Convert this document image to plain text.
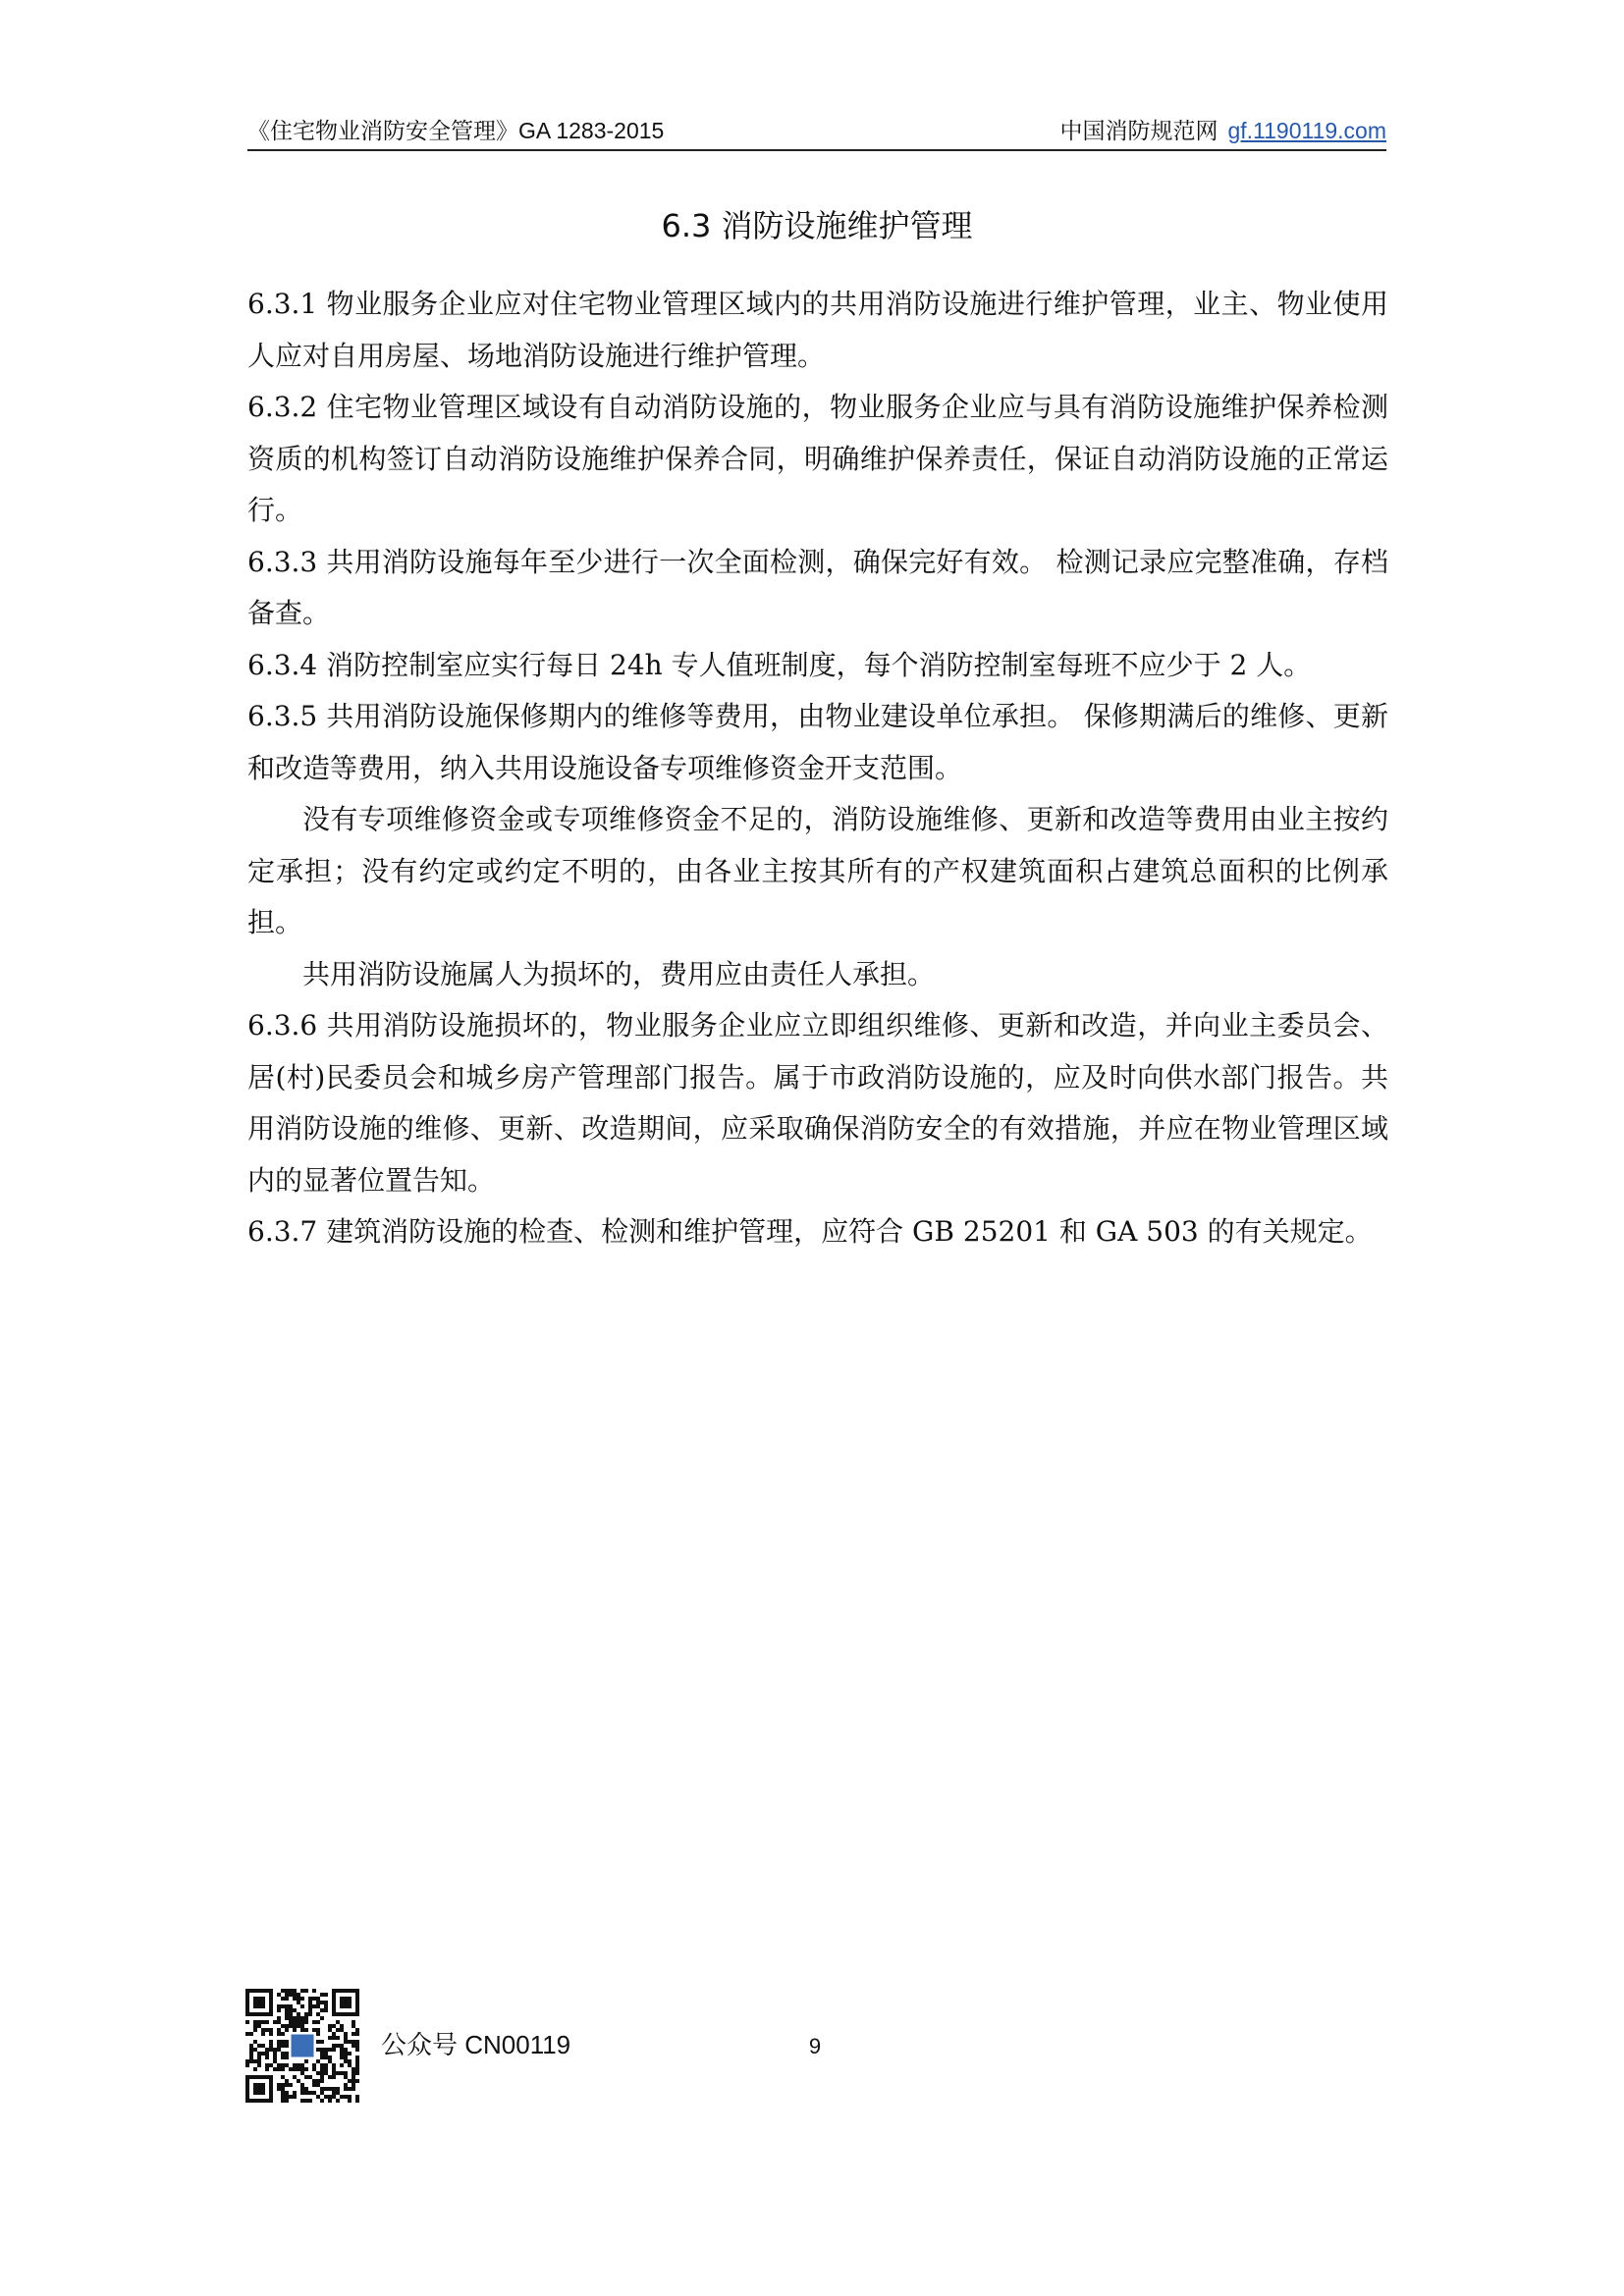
《住宅物业消防安全管理》GA 1283-2015	中国消防规范网 gf.1190119.com
6.3 消防设施维护管理

6.3.1 物业服务企业应对住宅物业管理区域内的共用消防设施进行维护管理，业主、物业使用人应对自用房屋、场地消防设施进行维护管理。

6.3.2 住宅物业管理区域设有自动消防设施的，物业服务企业应与具有消防设施维护保养检测资质的机构签订自动消防设施维护保养合同，明确维护保养责任，保证自动消防设施的正常运行。

6.3.3 共用消防设施每年至少进行一次全面检测，确保完好有效。 检测记录应完整准确，存档备查。

6.3.4 消防控制室应实行每日 24h 专人值班制度，每个消防控制室每班不应少于 2 人。

6.3.5 共用消防设施保修期内的维修等费用，由物业建设单位承担。 保修期满后的维修、更新和改造等费用，纳入共用设施设备专项维修资金开支范围。

没有专项维修资金或专项维修资金不足的，消防设施维修、更新和改造等费用由业主按约定承担；没有约定或约定不明的，由各业主按其所有的产权建筑面积占建筑总面积的比例承担。

共用消防设施属人为损坏的，费用应由责任人承担。

6.3.6 共用消防设施损坏的，物业服务企业应立即组织维修、更新和改造，并向业主委员会、居(村)民委员会和城乡房产管理部门报告。属于市政消防设施的，应及时向供水部门报告。共用消防设施的维修、更新、改造期间，应采取确保消防安全的有效措施，并应在物业管理区域内的显著位置告知。

6.3.7 建筑消防设施的检查、检测和维护管理，应符合 GB 25201 和 GA 503 的有关规定。

公众号 CN00119	9
